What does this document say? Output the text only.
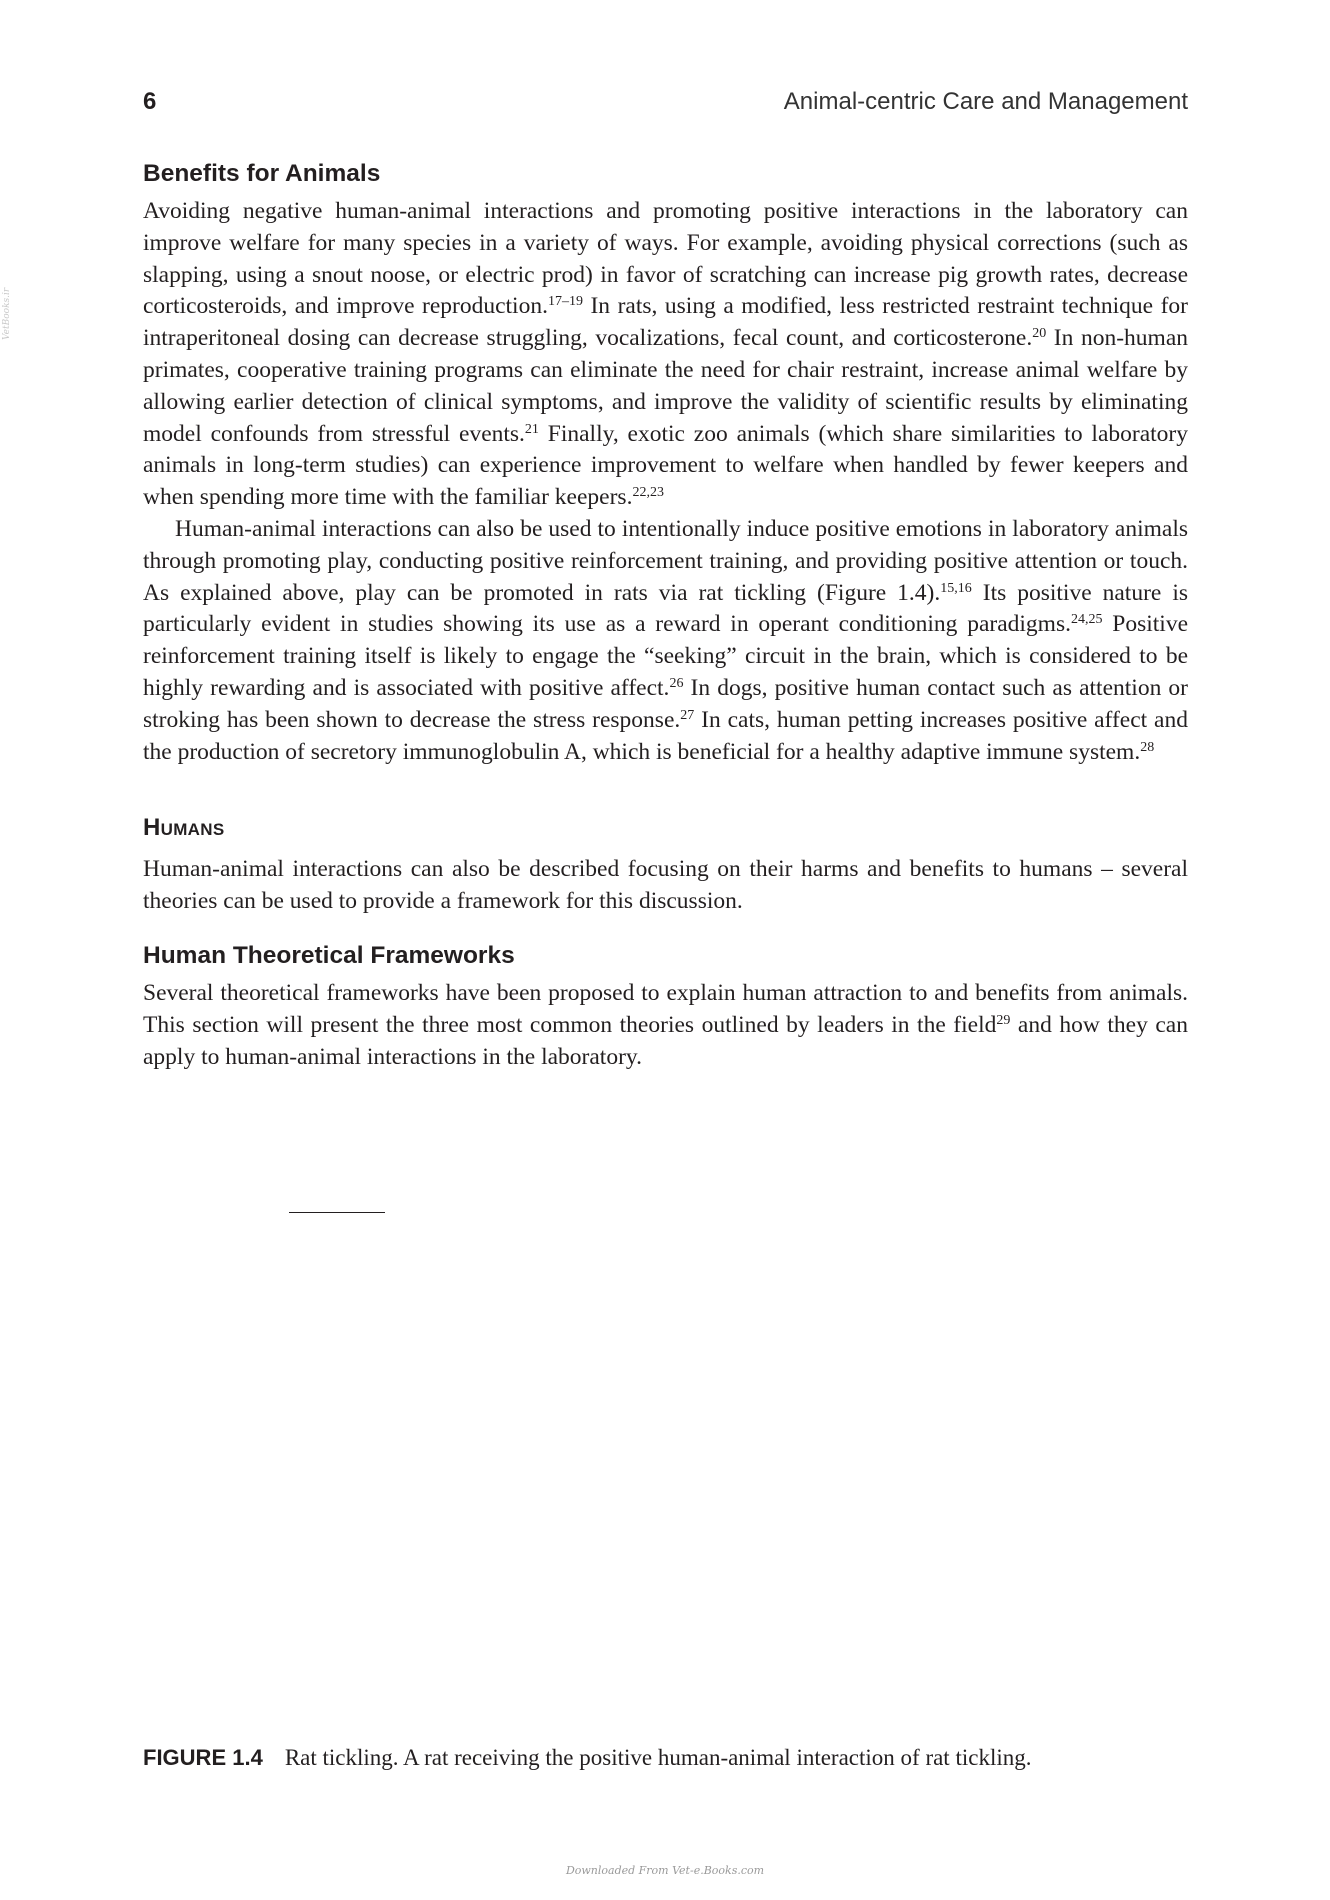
6	Animal-centric Care and Management
VetBooks.ir
Benefits for Animals

Avoiding negative human-animal interactions and promoting positive interactions in the laboratory can improve welfare for many species in a variety of ways. For example, avoiding physical corrections (such as slapping, using a snout noose, or electric prod) in favor of scratching can increase pig growth rates, decrease corticosteroids, and improve reproduction.$^{17-19}$ In rats, using a modified, less restricted restraint technique for intraperitoneal dosing can decrease struggling, vocalizations, fecal count, and corticosterone.$^{20}$ In non-human primates, cooperative training programs can eliminate the need for chair restraint, increase animal welfare by allowing earlier detection of clinical symptoms, and improve the validity of scientific results by eliminating model confounds from stressful events.$^{21}$ Finally, exotic zoo animals (which share similarities to laboratory animals in long-term studies) can experience improvement to welfare when handled by fewer keepers and when spending more time with the familiar keepers.$^{22,23}$

Human-animal interactions can also be used to intentionally induce positive emotions in laboratory animals through promoting play, conducting positive reinforcement training, and providing positive attention or touch. As explained above, play can be promoted in rats via rat tickling (Figure 1.4).$^{15,16}$ Its positive nature is particularly evident in studies showing its use as a reward in operant conditioning paradigms.$^{24,25}$ Positive reinforcement training itself is likely to engage the “seeking” circuit in the brain, which is considered to be highly rewarding and is associated with positive affect.$^{26}$ In dogs, positive human contact such as attention or stroking has been shown to decrease the stress response.$^{27}$ In cats, human petting increases positive affect and the production of secretory immunoglobulin A, which is beneficial for a healthy adaptive immune system.$^{28}$

Humans

Human-animal interactions can also be described focusing on their harms and benefits to humans – several theories can be used to provide a framework for this discussion.

Human Theoretical Frameworks

Several theoretical frameworks have been proposed to explain human attraction to and benefits from animals. This section will present the three most common theories outlined by leaders in the field$^{29}$ and how they can apply to human-animal interactions in the laboratory.

FIGURE 1.4 Rat tickling. A rat receiving the positive human-animal interaction of rat tickling.
Downloaded From Vet-e.Books.com
